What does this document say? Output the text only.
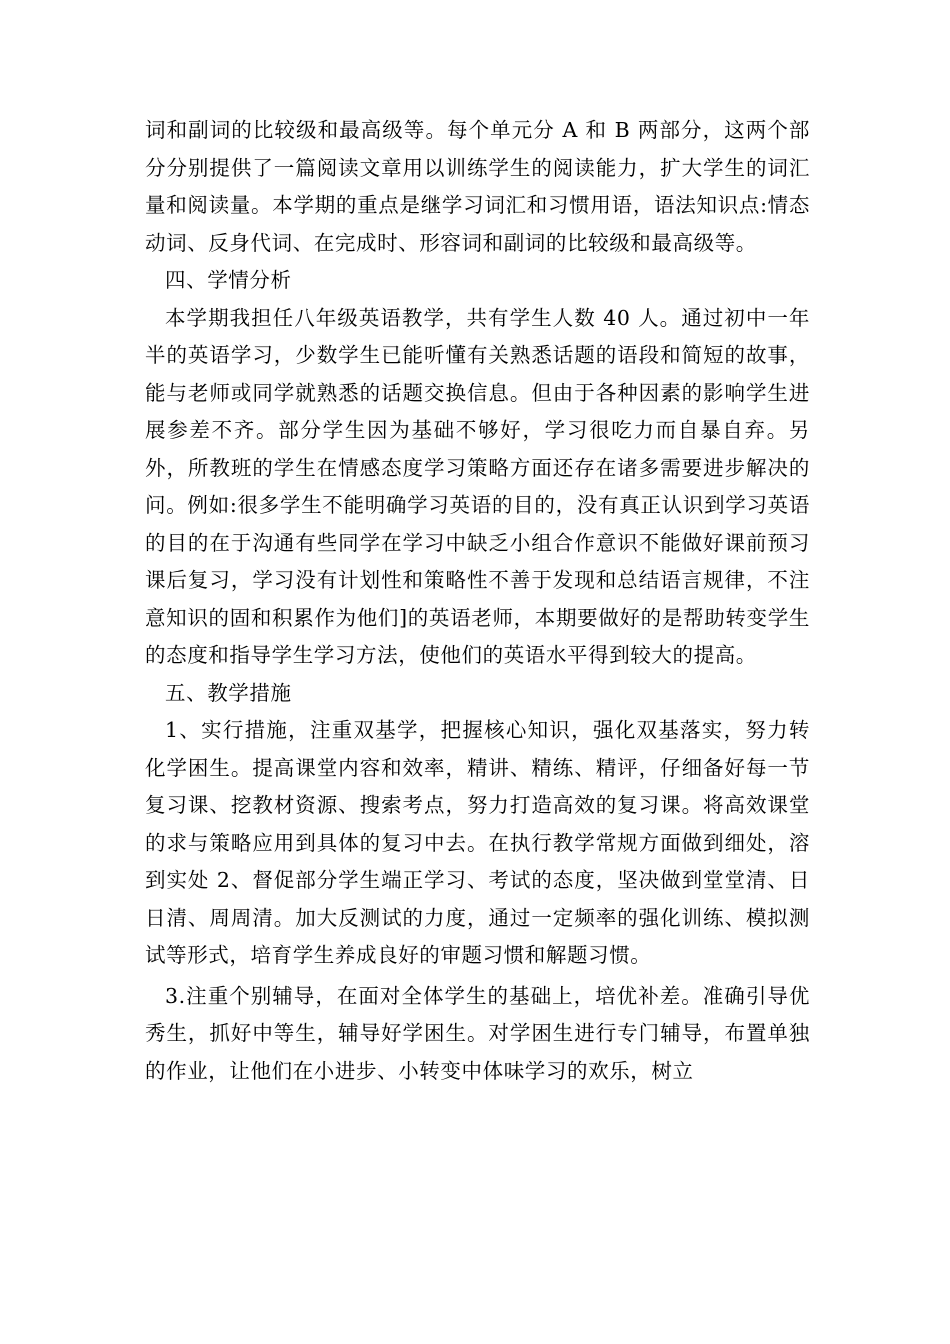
词和副词的比较级和最高级等。每个单元分 A 和 B 两部分，这两个部分分别提供了一篇阅读文章用以训练学生的阅读能力，扩大学生的词汇量和阅读量。本学期的重点是继学习词汇和习惯用语，语法知识点:情态动词、反身代词、在完成时、形容词和副词的比较级和最高级等。

四、学情分析

本学期我担任八年级英语教学，共有学生人数 40 人。通过初中一年半的英语学习，少数学生已能听懂有关熟悉话题的语段和简短的故事，能与老师或同学就熟悉的话题交换信息。但由于各种因素的影响学生进展参差不齐。部分学生因为基础不够好，学习很吃力而自暴自弃。另外，所教班的学生在情感态度学习策略方面还存在诸多需要进步解决的问。例如:很多学生不能明确学习英语的目的，没有真正认识到学习英语的目的在于沟通有些同学在学习中缺乏小组合作意识不能做好课前预习课后复习，学习没有计划性和策略性不善于发现和总结语言规律，不注意知识的固和积累作为他们]的英语老师，本期要做好的是帮助转变学生的态度和指导学生学习方法，使他们的英语水平得到较大的提高。

五、教学措施

1、实行措施，注重双基学，把握核心知识，强化双基落实，努力转化学困生。提高课堂内容和效率，精讲、精练、精评，仔细备好每一节复习课、挖教材资源、搜索考点，努力打造高效的复习课。将高效课堂的求与策略应用到具体的复习中去。在执行教学常规方面做到细处，溶到实处 2、督促部分学生端正学习、考试的态度，坚决做到堂堂清、日日清、周周清。加大反测试的力度，通过一定频率的强化训练、模拟测试等形式，培育学生养成良好的审题习惯和解题习惯。

3.注重个别辅导，在面对全体学生的基础上，培优补差。准确引导优秀生，抓好中等生，辅导好学困生。对学困生进行专门辅导，布置单独的作业，让他们在小进步、小转变中体味学习的欢乐，树立
